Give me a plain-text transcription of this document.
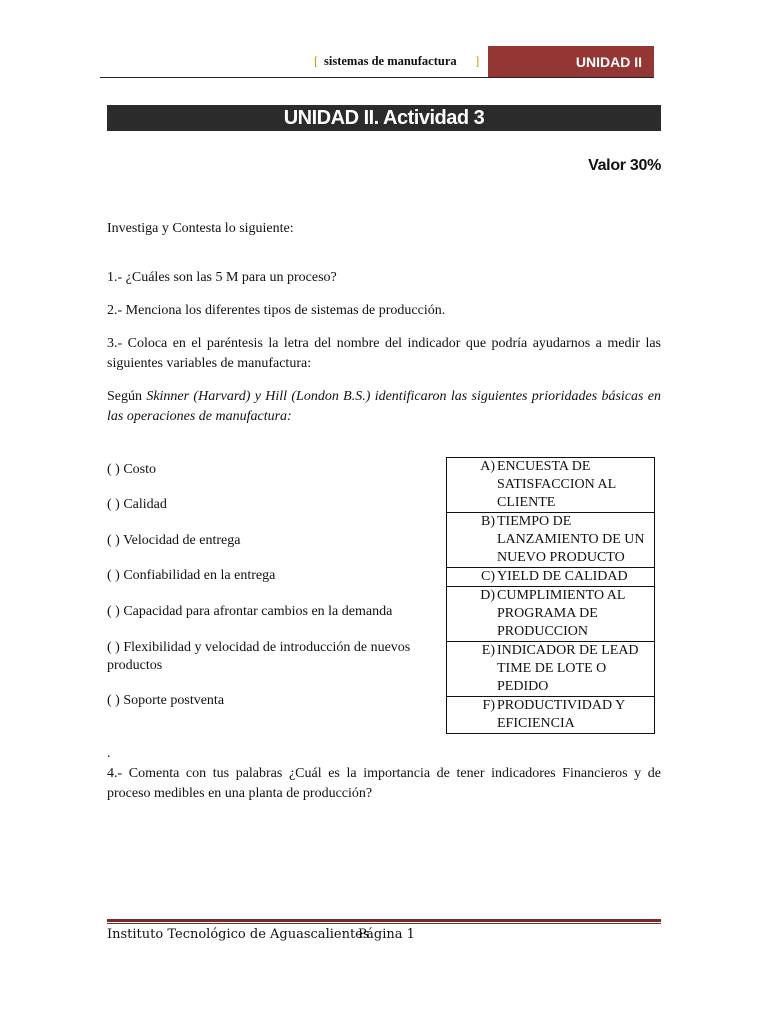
[ sistemas de manufactura ]	UNIDAD II
UNIDAD II. Actividad 3
Valor 30%
Investiga y Contesta lo siguiente:
1.- ¿Cuáles son las 5 M para un proceso?
2.- Menciona los diferentes tipos de sistemas de producción.
3.- Coloca en el paréntesis la letra del nombre del indicador que podría ayudarnos a medir las siguientes variables de manufactura:
Según Skinner (Harvard) y Hill (London B.S.) identificaron las siguientes prioridades básicas en las operaciones de manufactura:
( ) Costo
( ) Calidad
( ) Velocidad de entrega
( ) Confiabilidad en la entrega
( ) Capacidad para afrontar cambios en la demanda
( ) Flexibilidad y velocidad de introducción de nuevos productos
( ) Soporte postventa
A) ENCUESTA DE SATISFACCION AL CLIENTE
B) TIEMPO DE LANZAMIENTO DE UN NUEVO PRODUCTO
C) YIELD DE CALIDAD
D) CUMPLIMIENTO AL PROGRAMA DE PRODUCCION
E) INDICADOR DE LEAD TIME DE LOTE O PEDIDO
F) PRODUCTIVIDAD Y EFICIENCIA
.
4.- Comenta con tus palabras ¿Cuál es la importancia de tener indicadores Financieros y de proceso medibles en una planta de producción?
Instituto Tecnológico de Aguascalientes
Página 1
